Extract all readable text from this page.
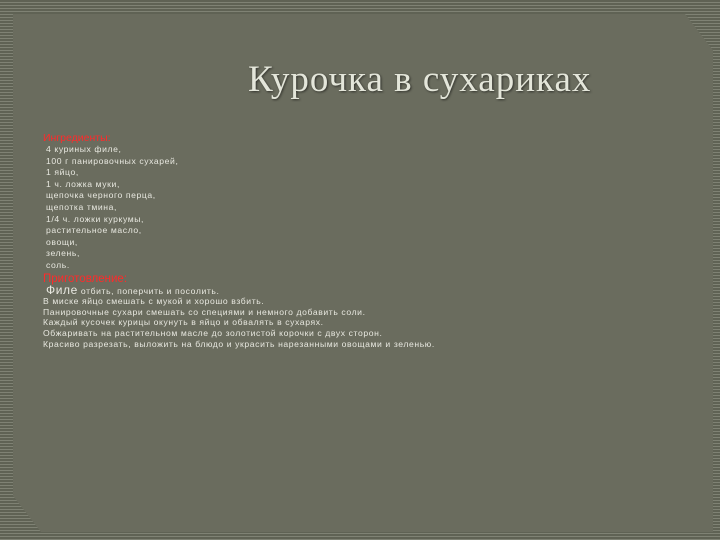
Курочка в сухариках
Ингредиенты:
4 куриных филе,
100 г панировочных сухарей,
1 яйцо,
1 ч. ложка муки,
щепочка черного перца,
щепотка тмина,
1/4 ч. ложки куркумы,
растительное масло,
овощи,
зелень,
соль.
Приготовление:
Филе отбить, поперчить и посолить.
В миске яйцо смешать с мукой и хорошо взбить.
Панировочные сухари смешать со специями и немного добавить соли.
Каждый кусочек курицы окунуть в яйцо и обвалять в сухарях.
Обжаривать на растительном масле до золотистой корочки с двух сторон.
Красиво разрезать, выложить на блюдо и украсить нарезанными овощами и зеленью.
